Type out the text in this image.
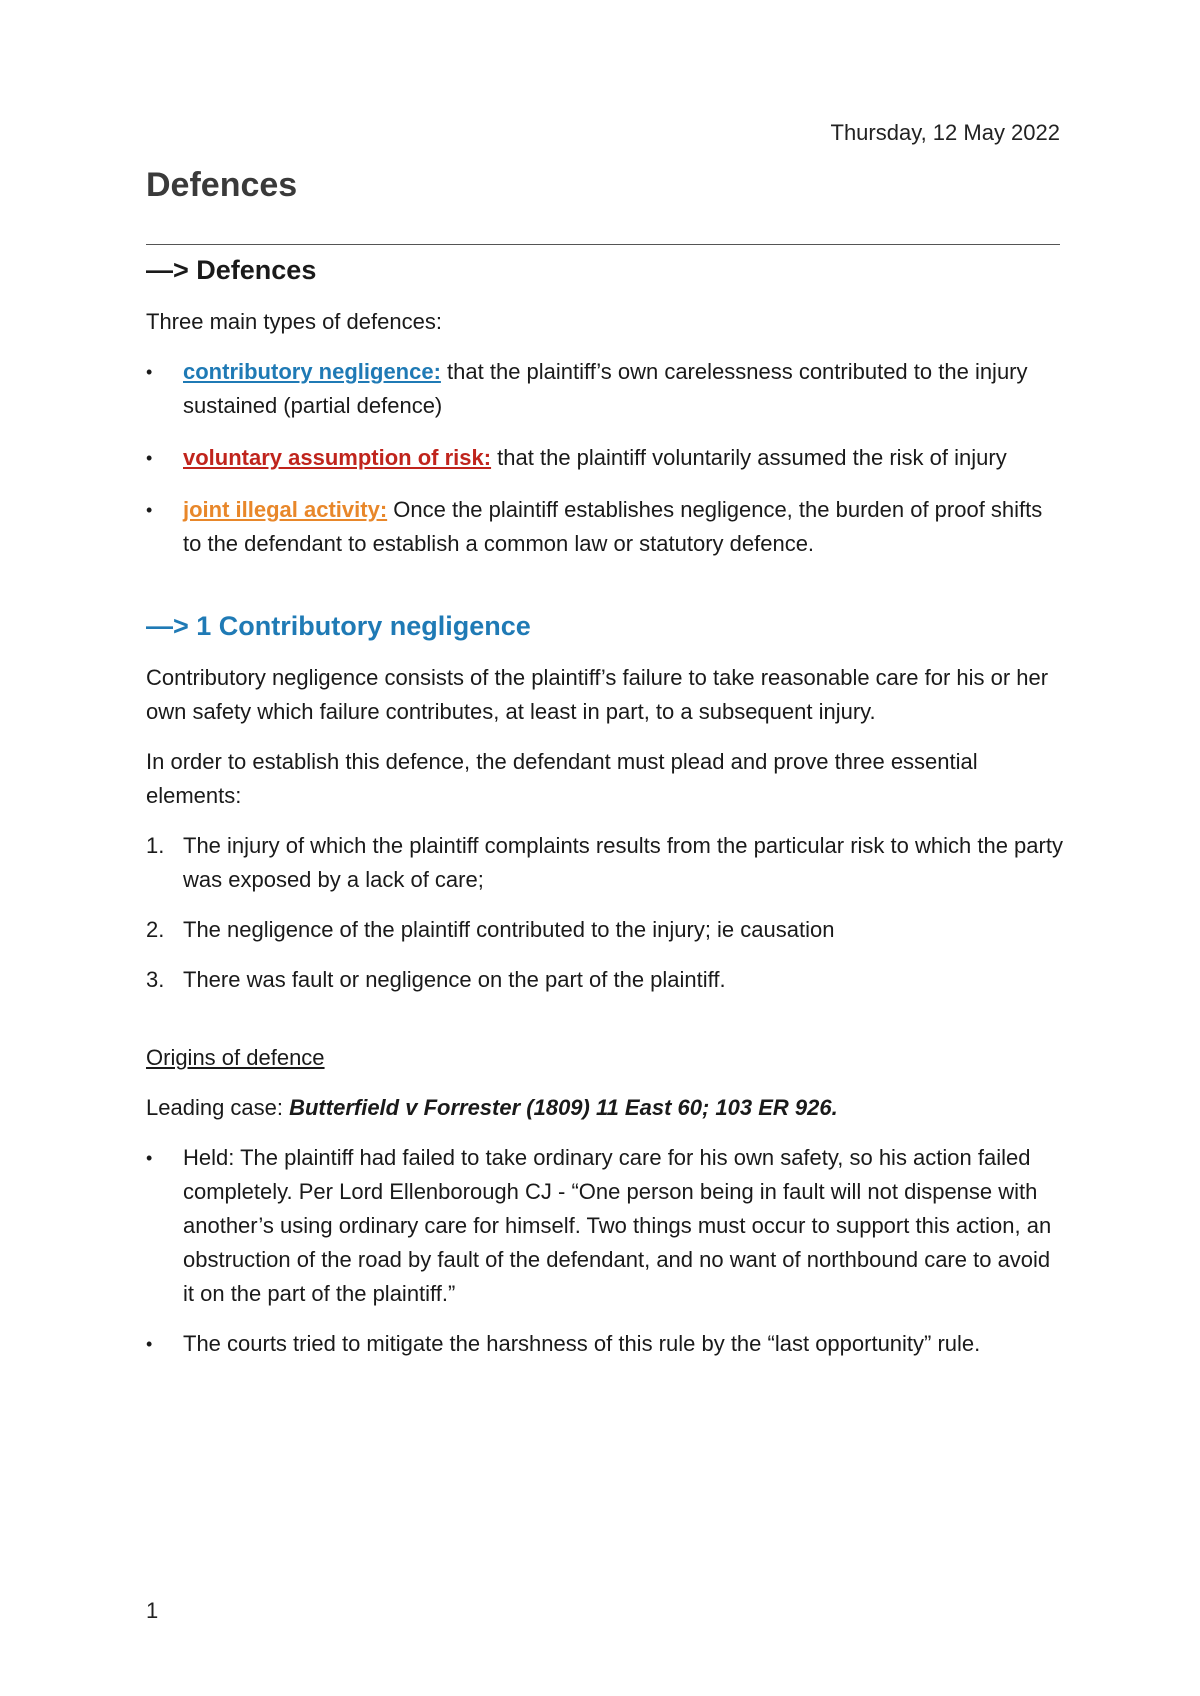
Thursday, 12 May 2022
Defences
—> Defences

Three main types of defences:

• contributory negligence: that the plaintiff’s own carelessness contributed to the injury sustained (partial defence)
• voluntary assumption of risk: that the plaintiff voluntarily assumed the risk of injury
• joint illegal activity: Once the plaintiff establishes negligence, the burden of proof shifts to the defendant to establish a common law or statutory defence.
—> 1 Contributory negligence

Contributory negligence consists of the plaintiff’s failure to take reasonable care for his or her own safety which failure contributes, at least in part, to a subsequent injury.

In order to establish this defence, the defendant must plead and prove three essential elements:

1. The injury of which the plaintiff complaints results from the particular risk to which the party was exposed by a lack of care;
2. The negligence of the plaintiff contributed to the injury; ie causation
3. There was fault or negligence on the part of the plaintiff.

Origins of defence

Leading case: Butterfield v Forrester (1809) 11 East 60; 103 ER 926.

• Held: The plaintiff had failed to take ordinary care for his own safety, so his action failed completely. Per Lord Ellenborough CJ - “One person being in fault will not dispense with another’s using ordinary care for himself. Two things must occur to support this action, an obstruction of the road by fault of the defendant, and no want of northbound care to avoid it on the part of the plaintiff.”
• The courts tried to mitigate the harshness of this rule by the “last opportunity” rule.
1
